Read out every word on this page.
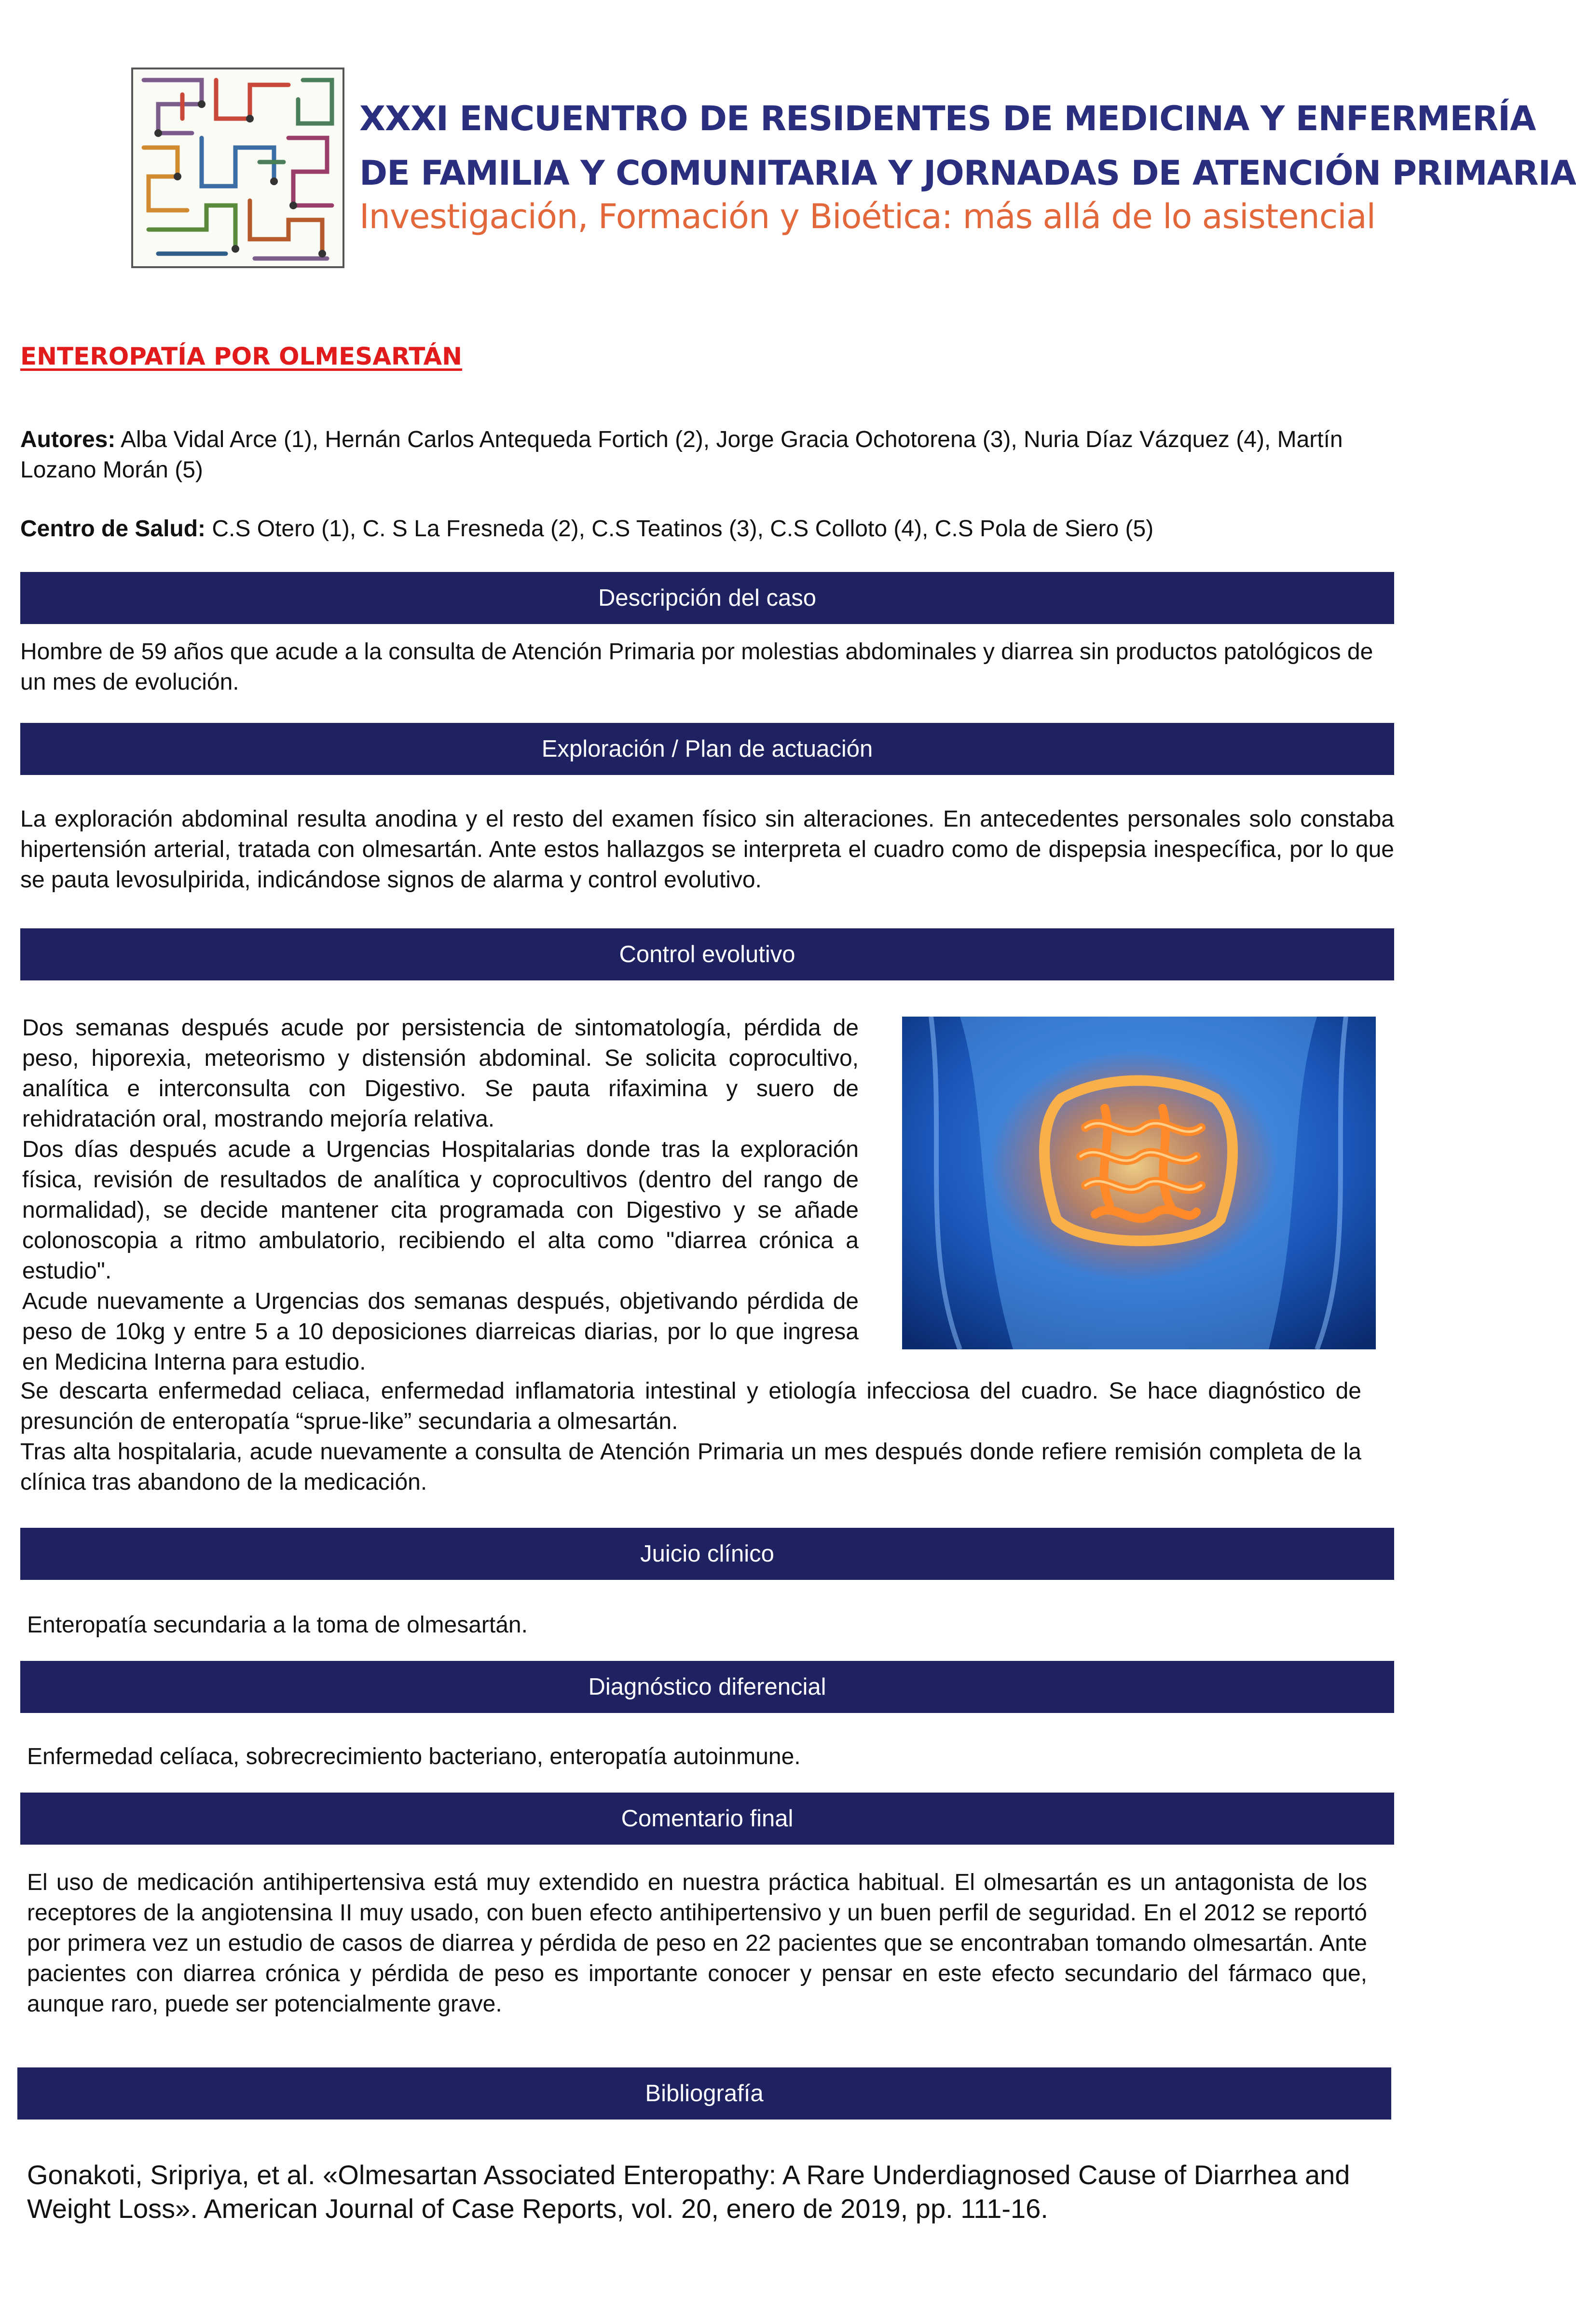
XXXI ENCUENTRO DE RESIDENTES DE MEDICINA Y ENFERMERÍA
DE FAMILIA Y COMUNITARIA Y JORNADAS DE ATENCIÓN PRIMARIA
Investigación, Formación y Bioética: más allá de lo asistencial
ENTEROPATÍA POR OLMESARTÁN
Autores: Alba Vidal Arce (1), Hernán Carlos Antequeda Fortich (2), Jorge Gracia Ochotorena (3), Nuria Díaz Vázquez (4), Martín Lozano Morán (5)
Centro de Salud: C.S Otero (1), C. S La Fresneda (2), C.S Teatinos (3), C.S Colloto (4), C.S Pola de Siero (5)
Descripción del caso
Hombre de 59 años que acude a la consulta de Atención Primaria por molestias abdominales y diarrea sin productos patológicos de un mes de evolución.
Exploración / Plan de actuación
La exploración abdominal resulta anodina y el resto del examen físico sin alteraciones. En antecedentes personales solo constaba hipertensión arterial, tratada con olmesartán. Ante estos hallazgos se interpreta el cuadro como de dispepsia inespecífica, por lo que se pauta levosulpirida, indicándose signos de alarma y control evolutivo.
Control evolutivo
Dos semanas después acude por persistencia de sintomatología, pérdida de peso, hiporexia, meteorismo y distensión abdominal. Se solicita coprocultivo, analítica e interconsulta con Digestivo. Se pauta rifaximina y suero de rehidratación oral, mostrando mejoría relativa.
Dos días después acude a Urgencias Hospitalarias donde tras la exploración física, revisión de resultados de analítica y coprocultivos (dentro del rango de normalidad), se decide mantener cita programada con Digestivo y se añade colonoscopia a ritmo ambulatorio, recibiendo el alta como "diarrea crónica a estudio".
Acude nuevamente a Urgencias dos semanas después, objetivando pérdida de peso de 10kg y entre 5 a 10 deposiciones diarreicas diarias, por lo que ingresa en Medicina Interna para estudio.
Se descarta enfermedad celiaca, enfermedad inflamatoria intestinal y etiología infecciosa del cuadro. Se hace diagnóstico de presunción de enteropatía “sprue-like” secundaria a olmesartán.
Tras alta hospitalaria, acude nuevamente a consulta de Atención Primaria un mes después donde refiere remisión completa de la clínica tras abandono de la medicación.
Juicio clínico
Enteropatía secundaria a la toma de olmesartán.
Diagnóstico diferencial
Enfermedad celíaca, sobrecrecimiento bacteriano, enteropatía autoinmune.
Comentario final
El uso de medicación antihipertensiva está muy extendido en nuestra práctica habitual. El olmesartán es un antagonista de los receptores de la angiotensina II muy usado, con buen efecto antihipertensivo y un buen perfil de seguridad. En el 2012 se reportó por primera vez un estudio de casos de diarrea y pérdida de peso en 22 pacientes que se encontraban tomando olmesartán. Ante pacientes con diarrea crónica y pérdida de peso es importante conocer y pensar en este efecto secundario del fármaco que, aunque raro, puede ser potencialmente grave.
Bibliografía
Gonakoti, Sripriya, et al. «Olmesartan Associated Enteropathy: A Rare Underdiagnosed Cause of Diarrhea and Weight Loss». American Journal of Case Reports, vol. 20, enero de 2019, pp. 111-16.
